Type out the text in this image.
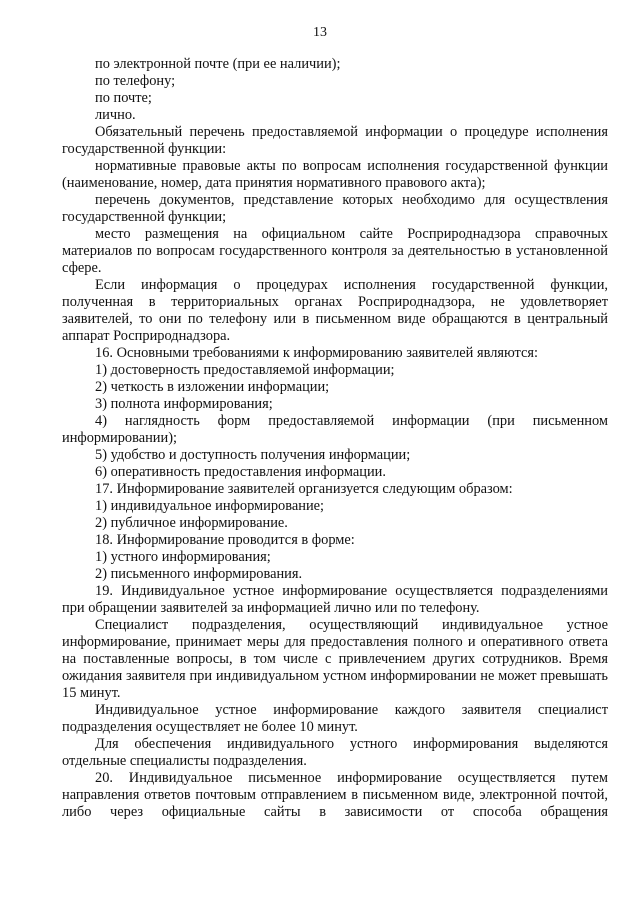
13

по электронной почте (при ее наличии);

по телефону;

по почте;

лично.

Обязательный перечень предоставляемой информации о процедуре исполнения государственной функции:

нормативные правовые акты по вопросам исполнения государственной функции (наименование, номер, дата принятия нормативного правового акта);

перечень документов, представление которых необходимо для осуществления государственной функции;

место размещения на официальном сайте Росприроднадзора справочных материалов по вопросам государственного контроля за деятельностью в установленной сфере.

Если информация о процедурах исполнения государственной функции, полученная в территориальных органах Росприроднадзора, не удовлетворяет заявителей, то они по телефону или в письменном виде обращаются в центральный аппарат Росприроднадзора.

16. Основными требованиями к информированию заявителей являются:

1) достоверность предоставляемой информации;

2) четкость в изложении информации;

3) полнота информирования;

4) наглядность форм предоставляемой информации (при письменном информировании);

5) удобство и доступность получения информации;

6) оперативность предоставления информации.

17. Информирование заявителей организуется следующим образом:

1) индивидуальное информирование;

2) публичное информирование.

18. Информирование проводится в форме:

1) устного информирования;

2) письменного информирования.

19. Индивидуальное устное информирование осуществляется подразделениями при обращении заявителей за информацией лично или по телефону.

Специалист подразделения, осуществляющий индивидуальное устное информирование, принимает меры для предоставления полного и оперативного ответа на поставленные вопросы, в том числе с привлечением других сотрудников. Время ожидания заявителя при индивидуальном устном информировании не может превышать 15 минут.

Индивидуальное устное информирование каждого заявителя специалист подразделения осуществляет не более 10 минут.

Для обеспечения индивидуального устного информирования выделяются отдельные специалисты подразделения.

20. Индивидуальное письменное информирование осуществляется путем направления ответов почтовым отправлением в письменном виде, электронной почтой, либо через официальные сайты в зависимости от способа обращения
